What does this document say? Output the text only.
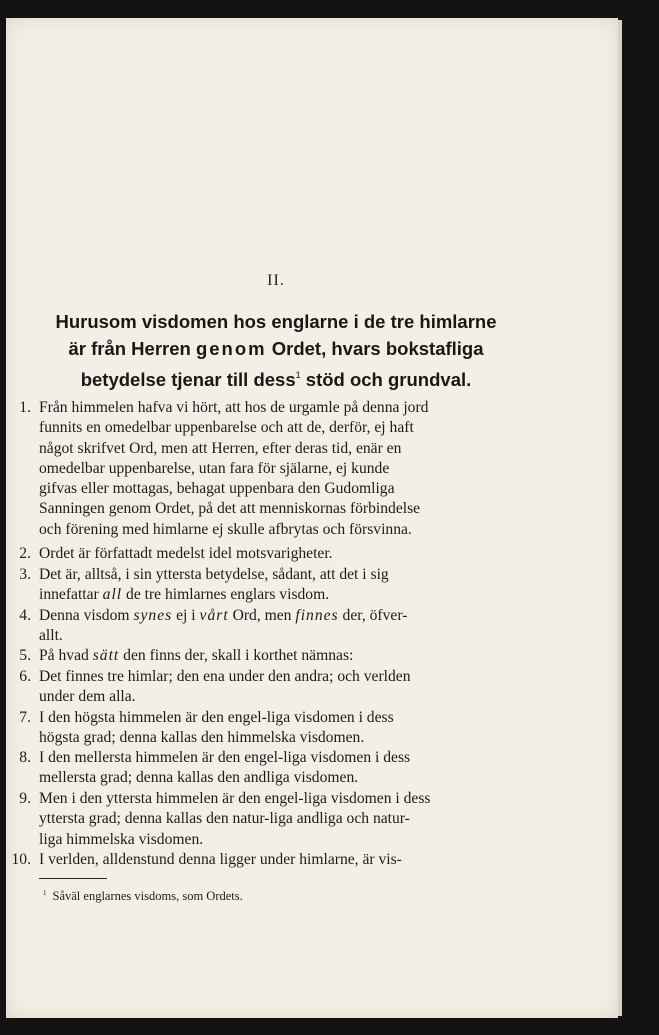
II.
Hurusom visdomen hos englarne i de tre himlarne
är från Herren genom Ordet, hvars bokstafliga
betydelse tjenar till dess$^1$ stöd och grundval.
1. Från himmelen hafva vi hört, att hos de urgamle på denna jord
funnits en omedelbar uppenbarelse och att de, derför, ej haft
något skrifvet Ord, men att Herren, efter deras tid, enär en
omedelbar uppenbarelse, utan fara för själarne, ej kunde
gifvas eller mottagas, behagat uppenbara den Gudomliga
Sanningen genom Ordet, på det att menniskornas förbindelse
och förening med himlarne ej skulle afbrytas och försvinna.
2. Ordet är författadt medelst idel motsvarigheter.
3. Det är, alltså, i sin yttersta betydelse, sådant, att det i sig
innefattar all de tre himlarnes englars visdom.
4. Denna visdom synes ej i vårt Ord, men finnes der, öfver-
allt.
5. På hvad sätt den finns der, skall i korthet nämnas:
6. Det finnes tre himlar; den ena under den andra; och verlden
under dem alla.
7. I den högsta himmelen är den engel-liga visdomen i dess
högsta grad; denna kallas den himmelska visdomen.
8. I den mellersta himmelen är den engel-liga visdomen i dess
mellersta grad; denna kallas den andliga visdomen.
9. Men i den yttersta himmelen är den engel-liga visdomen i dess
yttersta grad; denna kallas den natur-liga andliga och natur-
liga himmelska visdomen.
10. I verlden, alldenstund denna ligger under himlarne, är vis-
$^1$ Såväl englarnes visdoms, som Ordets.
